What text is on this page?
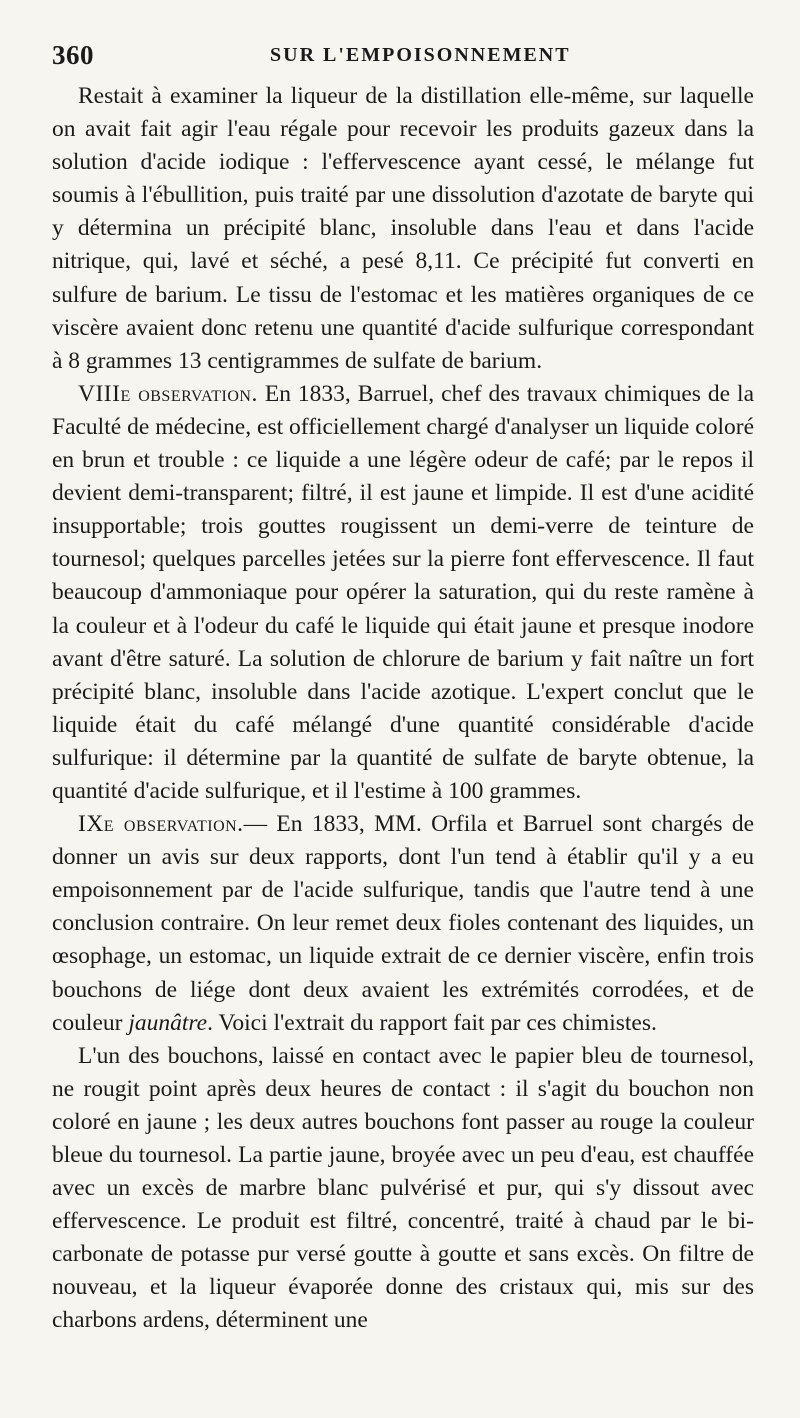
360	SUR L'EMPOISONNEMENT

Restait à examiner la liqueur de la distillation elle-même, sur laquelle on avait fait agir l'eau régale pour recevoir les produits gazeux dans la solution d'acide iodique : l'effervescence ayant cessé, le mélange fut soumis à l'ébullition, puis traité par une dissolution d'azotate de baryte qui y détermina un précipité blanc, insoluble dans l'eau et dans l'acide nitrique, qui, lavé et séché, a pesé 8,11. Ce précipité fut converti en sulfure de barium. Le tissu de l'estomac et les matières organiques de ce viscère avaient donc retenu une quantité d'acide sulfurique correspondant à 8 grammes 13 centigrammes de sulfate de barium.

VIIIe observation. En 1833, Barruel, chef des travaux chimiques de la Faculté de médecine, est officiellement chargé d'analyser un liquide coloré en brun et trouble : ce liquide a une légère odeur de café; par le repos il devient demi-transparent; filtré, il est jaune et limpide. Il est d'une acidité insupportable; trois gouttes rougissent un demi-verre de teinture de tournesol; quelques parcelles jetées sur la pierre font effervescence. Il faut beaucoup d'ammoniaque pour opérer la saturation, qui du reste ramène à la couleur et à l'odeur du café le liquide qui était jaune et presque inodore avant d'être saturé. La solution de chlorure de barium y fait naître un fort précipité blanc, insoluble dans l'acide azotique. L'expert conclut que le liquide était du café mélangé d'une quantité considérable d'acide sulfurique: il détermine par la quantité de sulfate de baryte obtenue, la quantité d'acide sulfurique, et il l'estime à 100 grammes.

IXe observation.— En 1833, MM. Orfila et Barruel sont chargés de donner un avis sur deux rapports, dont l'un tend à établir qu'il y a eu empoisonnement par de l'acide sulfurique, tandis que l'autre tend à une conclusion contraire. On leur remet deux fioles contenant des liquides, un œsophage, un estomac, un liquide extrait de ce dernier viscère, enfin trois bouchons de liége dont deux avaient les extrémités corrodées, et de couleur jaunâtre. Voici l'extrait du rapport fait par ces chimistes.

L'un des bouchons, laissé en contact avec le papier bleu de tournesol, ne rougit point après deux heures de contact : il s'agit du bouchon non coloré en jaune ; les deux autres bouchons font passer au rouge la couleur bleue du tournesol. La partie jaune, broyée avec un peu d'eau, est chauffée avec un excès de marbre blanc pulvérisé et pur, qui s'y dissout avec effervescence. Le produit est filtré, concentré, traité à chaud par le bi-carbonate de potasse pur versé goutte à goutte et sans excès. On filtre de nouveau, et la liqueur évaporée donne des cristaux qui, mis sur des charbons ardens, déterminent une
